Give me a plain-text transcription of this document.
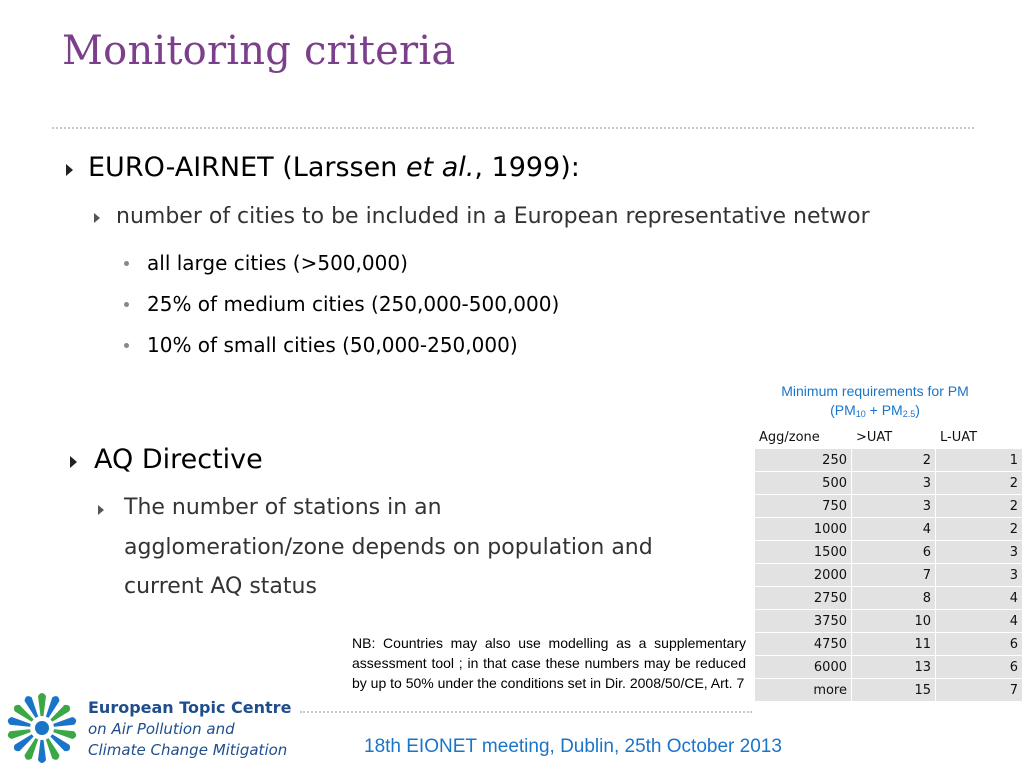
Monitoring criteria
EURO-AIRNET (Larssen et al., 1999):
number of cities to be included in a European representative networ
all large cities (>500,000)
25% of medium cities (250,000-500,000)
10% of small cities (50,000-250,000)
AQ Directive
The number of stations in an
agglomeration/zone depends on population and
current AQ status
Minimum requirements for PM
$(PM_{10} + PM_{2.5})$
Agg/zone	>UAT	L-UAT
250	2	1
500	3	2
750	3	2
1000	4	2
1500	6	3
2000	7	3
2750	8	4
3750	10	4
4750	11	6
6000	13	6
more	15	7
NB: Countries may also use modelling as a supplementary assessment tool ; in that case these numbers may be reduced by up to 50% under the conditions set in Dir. 2008/50/CE, Art. 7
18th EIONET meeting, Dublin, 25th October 2013
European Topic Centre
on Air Pollution and
Climate Change Mitigation
